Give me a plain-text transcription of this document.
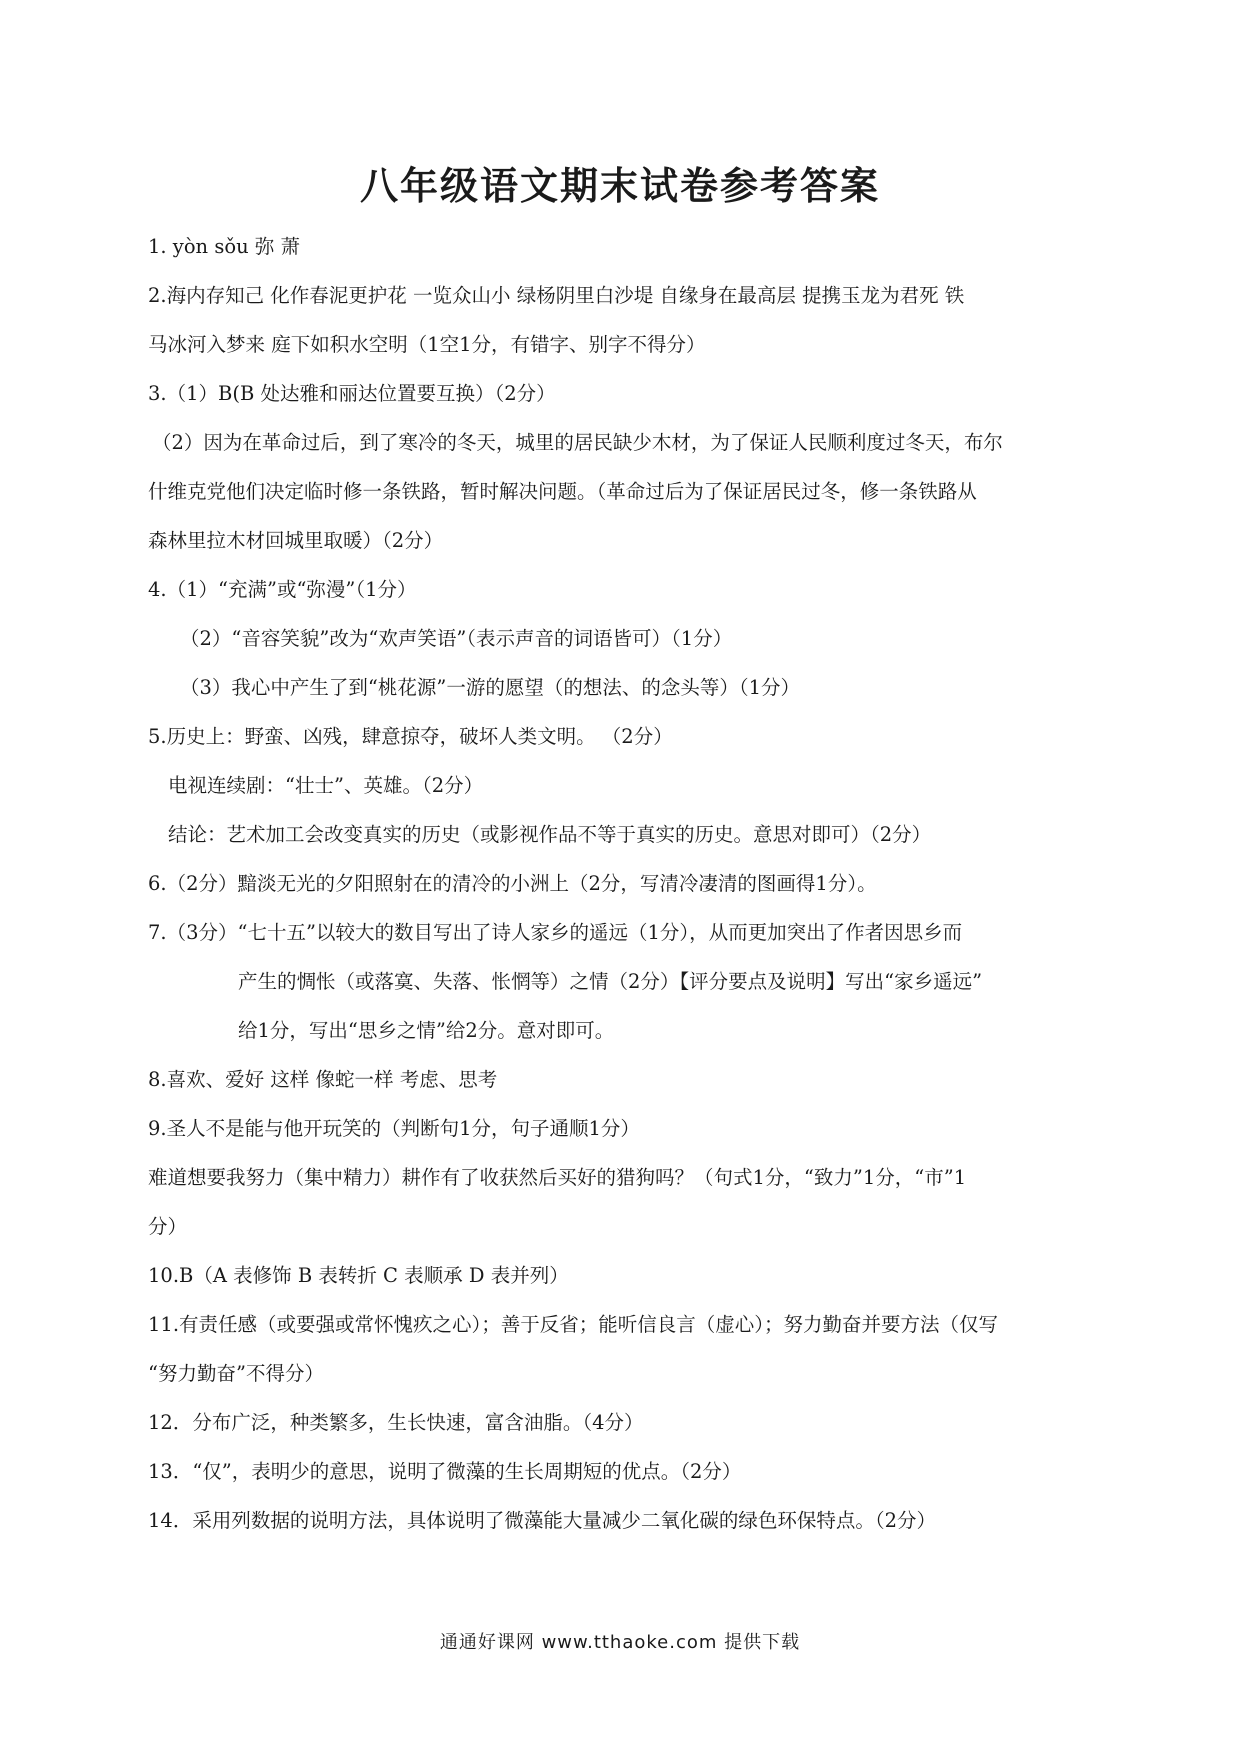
八年级语文期末试卷参考答案
1. yòn sǒu 弥 萧
2.海内存知己 化作春泥更护花 一览众山小 绿杨阴里白沙堤 自缘身在最高层 提携玉龙为君死 铁
马冰河入梦来 庭下如积水空明（1空1分，有错字、别字不得分）
3.（1）B(B 处达雅和丽达位置要互换）（2分）
（2）因为在革命过后，到了寒冷的冬天，城里的居民缺少木材，为了保证人民顺利度过冬天，布尔
什维克党他们决定临时修一条铁路，暂时解决问题。（革命过后为了保证居民过冬，修一条铁路从
森林里拉木材回城里取暖）（2分）
4.（1）“充满”或“弥漫”（1分）
（2）“音容笑貌”改为“欢声笑语”（表示声音的词语皆可）（1分）
（3）我心中产生了到“桃花源”一游的愿望（的想法、的念头等）（1分）
5.历史上：野蛮、凶残，肆意掠夺，破坏人类文明。 （2分）
电视连续剧：“壮士”、英雄。（2分）
结论：艺术加工会改变真实的历史（或影视作品不等于真实的历史。意思对即可）（2分）
6.（2分）黯淡无光的夕阳照射在的清冷的小洲上（2分，写清冷凄清的图画得1分）。
7.（3分）“七十五”以较大的数目写出了诗人家乡的遥远（1分），从而更加突出了作者因思乡而
产生的惆怅（或落寞、失落、怅惘等）之情（2分）【评分要点及说明】写出“家乡遥远”
给1分，写出“思乡之情”给2分。意对即可。
8.喜欢、爱好 这样 像蛇一样 考虑、思考
9.圣人不是能与他开玩笑的（判断句1分，句子通顺1分）
难道想要我努力（集中精力）耕作有了收获然后买好的猎狗吗？（句式1分，“致力”1分，“市”1
分）
10.B（A 表修饰 B 表转折 C 表顺承 D 表并列）
11.有责任感（或要强或常怀愧疚之心）；善于反省；能听信良言（虚心）；努力勤奋并要方法（仅写
“努力勤奋”不得分）
12．分布广泛，种类繁多，生长快速，富含油脂。（4分）
13．“仅”，表明少的意思，说明了微藻的生长周期短的优点。（2分）
14．采用列数据的说明方法，具体说明了微藻能大量减少二氧化碳的绿色环保特点。（2分）
通通好课网 www.tthaoke.com 提供下载
